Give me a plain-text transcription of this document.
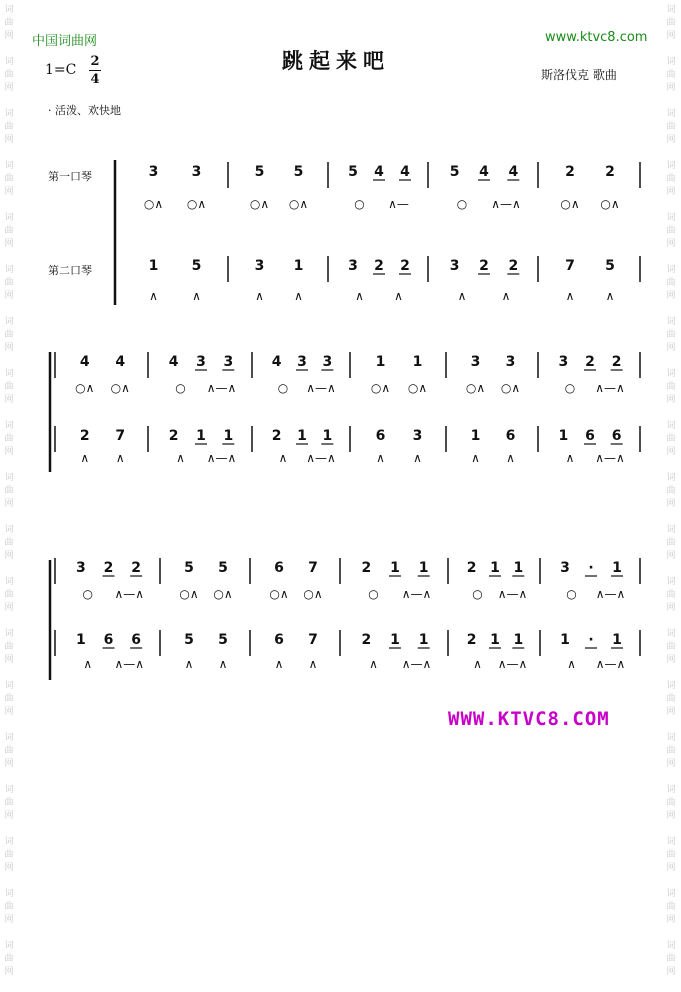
词
曲
网

词
曲
网

词
曲
网

词
曲
网

词
曲
网

词
曲
网

词
曲
网

词
曲
网

词
曲
网

词
曲
网

词
曲
网

词
曲
网

词
曲
网

词
曲
网

词
曲
网

词
曲
网

词
曲
网

词
曲
网

词
曲
网

词
曲
网

词
曲
网

词
曲
网

词
曲
网

词
曲
网

词
曲
网

词
曲
网

词
曲
网

词
曲
网

词
曲
网

词
曲
网

词
曲
网

词
曲
网

词
曲
网

词
曲
网

词
曲
网

词
曲
网

词
曲
网

词
曲
网

中国词曲网	www.ktvc8.com
跳起来吧
1=C
2
4	斯洛伐克 歌曲
· 活泼、欢快地
第一口琴
第二口琴
3 3	5 5	5 4 4	5 4 4	2 2
○∧ ○∧	○∧ ○∧	○ ∧—	○ ∧—∧	○∧ ○∧
1 5	3 1	3 2 2	3 2 2	7 5
∧	∧	∧	∧	∧	∧	∧	∧	∧	∧
4 4	4 3 3	4 3 3	1 1	3 3	3 2 2
○∧ ○∧	○ ∧—∧	○ ∧—∧	○∧ ○∧	○∧ ○∧	○ ∧—∧
2 7	2 1 1	2 1 1	6 3	1 6	1 6 6
∧ ∧	∧ ∧—∧	∧ ∧—∧	∧ ∧	∧ ∧	∧ ∧—∧
3 2 2	5 5	6 7	2 1 1	2 1 1	3 · 1
○ ∧—∧	○∧ ○∧	○∧ ○∧	○ ∧—∧	○ ∧—∧	○ ∧—∧
1 6 6	5 5	6 7	2 1 1	2 1 1	1 · 1
∧ ∧—∧	∧ ∧	∧ ∧	∧ ∧—∧	∧ ∧—∧	∧ ∧—∧
WWW.KTVC8.COM
